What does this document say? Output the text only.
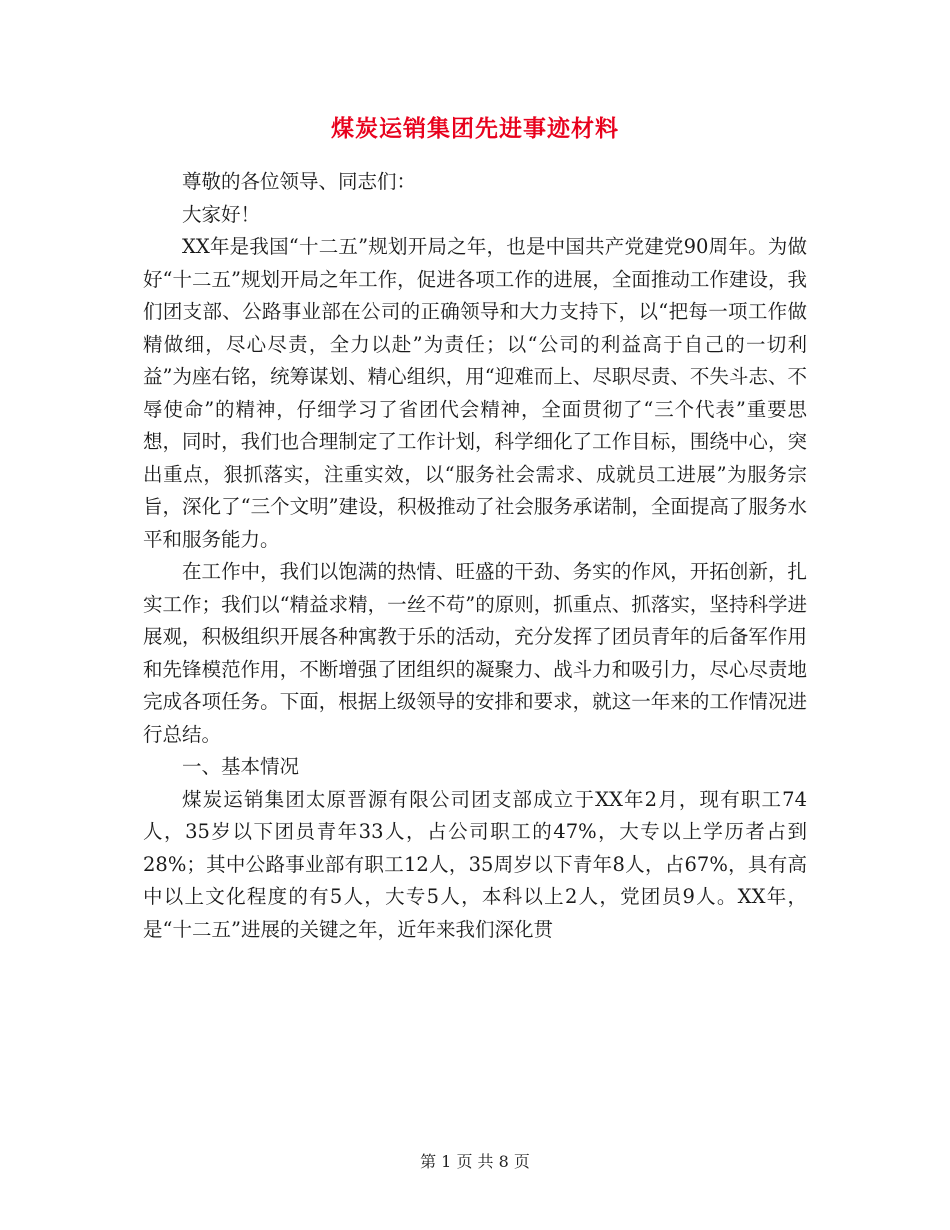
煤炭运销集团先进事迹材料

尊敬的各位领导、同志们：

大家好！

XX年是我国“十二五”规划开局之年，也是中国共产党建党90周年。为做好“十二五”规划开局之年工作，促进各项工作的进展，全面推动工作建设，我们团支部、公路事业部在公司的正确领导和大力支持下，以“把每一项工作做精做细，尽心尽责，全力以赴”为责任；以“公司的利益高于自己的一切利益”为座右铭，统筹谋划、精心组织，用“迎难而上、尽职尽责、不失斗志、不辱使命”的精神，仔细学习了省团代会精神，全面贯彻了“三个代表”重要思想，同时，我们也合理制定了工作计划，科学细化了工作目标，围绕中心，突出重点，狠抓落实，注重实效，以“服务社会需求、成就员工进展”为服务宗旨，深化了“三个文明”建设，积极推动了社会服务承诺制，全面提高了服务水平和服务能力。

在工作中，我们以饱满的热情、旺盛的干劲、务实的作风，开拓创新，扎实工作；我们以“精益求精，一丝不苟”的原则，抓重点、抓落实，坚持科学进展观，积极组织开展各种寓教于乐的活动，充分发挥了团员青年的后备军作用和先锋模范作用，不断增强了团组织的凝聚力、战斗力和吸引力，尽心尽责地完成各项任务。下面，根据上级领导的安排和要求，就这一年来的工作情况进行总结。

一、基本情况

煤炭运销集团太原晋源有限公司团支部成立于XX年2月，现有职工74人，35岁以下团员青年33人，占公司职工的47%，大专以上学历者占到28%；其中公路事业部有职工12人，35周岁以下青年8人，占67%，具有高中以上文化程度的有5人，大专5人，本科以上2人，党团员9人。XX年，是“十二五”进展的关键之年，近年来我们深化贯

第 1 页 共 8 页
